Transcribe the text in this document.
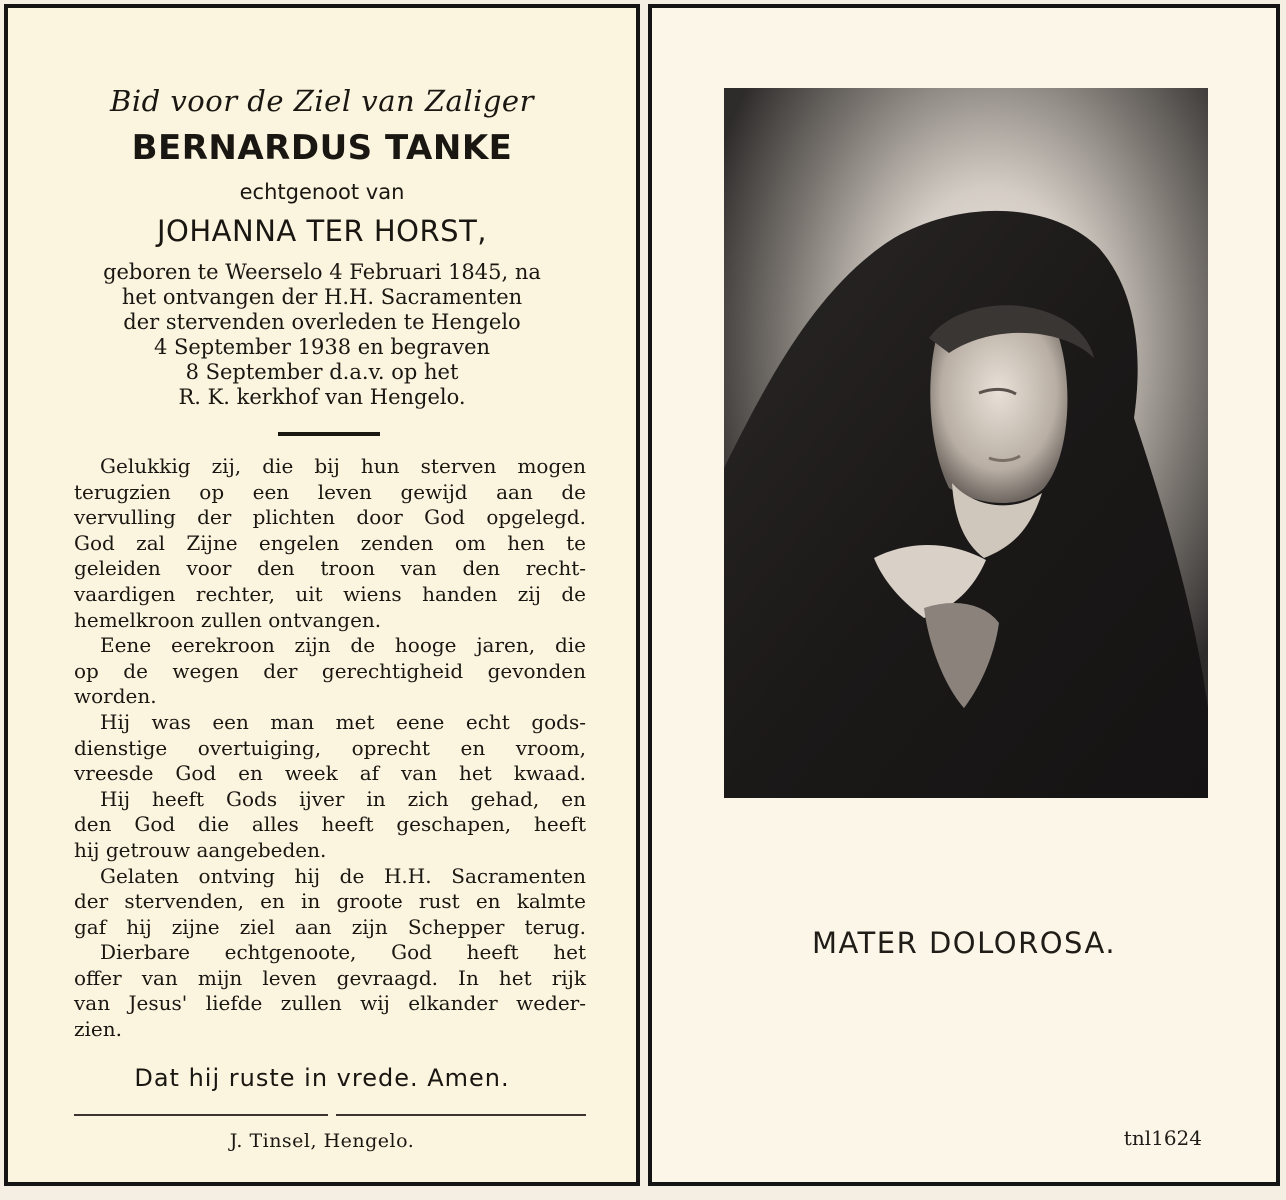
Bid voor de Ziel van Zaliger
BERNARDUS TANKE
echtgenoot van
JOHANNA TER HORST,
geboren te Weerselo 4 Februari 1845, na
het ontvangen der H.H. Sacramenten
der stervenden overleden te Hengelo
4 September 1938 en begraven
8 September d.a.v. op het
R. K. kerkhof van Hengelo.
Gelukkig zij, die bij hun sterven mogen
terugzien op een leven gewijd aan de
vervulling der plichten door God opgelegd.
God zal Zijne engelen zenden om hen te
geleiden voor den troon van den recht-
vaardigen rechter, uit wiens handen zij de
hemelkroon zullen ontvangen.
Eene eerekroon zijn de hooge jaren, die
op de wegen der gerechtigheid gevonden
worden.
Hij was een man met eene echt gods-
dienstige overtuiging, oprecht en vroom,
vreesde God en week af van het kwaad.
Hij heeft Gods ijver in zich gehad, en
den God die alles heeft geschapen, heeft
hij getrouw aangebeden.
Gelaten ontving hij de H.H. Sacramenten
der stervenden, en in groote rust en kalmte
gaf hij zijne ziel aan zijn Schepper terug.
Dierbare echtgenoote, God heeft het
offer van mijn leven gevraagd. In het rijk
van Jesus' liefde zullen wij elkander weder-
zien.
Dat hij ruste in vrede. Amen.
J. Tinsel, Hengelo.
MATER DOLOROSA.
tnl1624
